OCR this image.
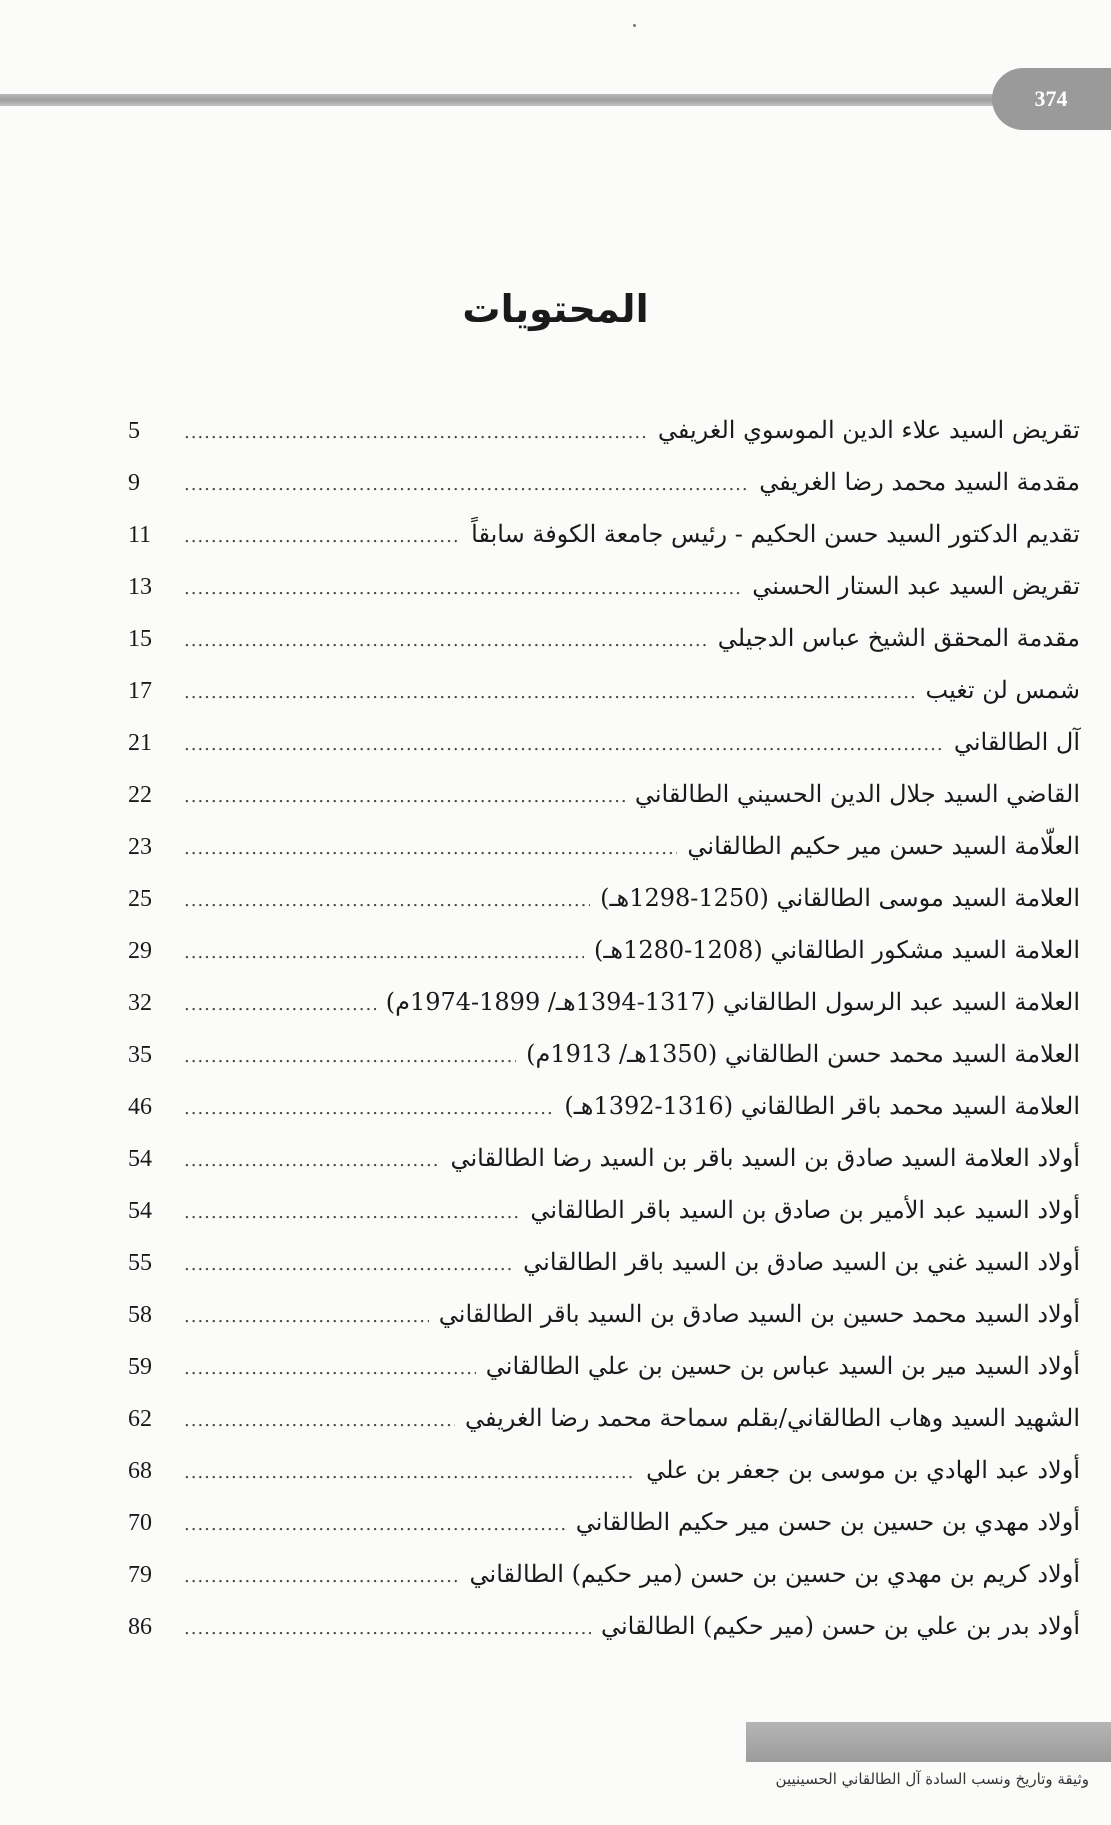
374
المحتويات
تقريض السيد علاء الدين الموسوي الغريفي
.....
5
مقدمة السيد محمد رضا الغريفي
.....
9
تقديم الدكتور السيد حسن الحكيم - رئيس جامعة الكوفة سابقاً
.....
11
تقريض السيد عبد الستار الحسني
.....
13
مقدمة المحقق الشيخ عباس الدجيلي
.....
15
شمس لن تغيب
.....
17
آل الطالقاني
.....
21
القاضي السيد جلال الدين الحسيني الطالقاني
.....
22
العلّامة السيد حسن مير حكيم الطالقاني
.....
23
العلامة السيد موسى الطالقاني (1250-1298هـ)
.....
25
العلامة السيد مشكور الطالقاني (1208-1280هـ)
.....
29
العلامة السيد عبد الرسول الطالقاني (1317-1394هـ/ 1899-1974م)
.....
32
العلامة السيد محمد حسن الطالقاني (1350هـ/ 1913م)
.....
35
العلامة السيد محمد باقر الطالقاني (1316-1392هـ)
.....
46
أولاد العلامة السيد صادق بن السيد باقر بن السيد رضا الطالقاني
.....
54
أولاد السيد عبد الأمير بن صادق بن السيد باقر الطالقاني
.....
54
أولاد السيد غني بن السيد صادق بن السيد باقر الطالقاني
.....
55
أولاد السيد محمد حسين بن السيد صادق بن السيد باقر الطالقاني
.....
58
أولاد السيد مير بن السيد عباس بن حسين بن علي الطالقاني
.....
59
الشهيد السيد وهاب الطالقاني/بقلم سماحة محمد رضا الغريفي
.....
62
أولاد عبد الهادي بن موسى بن جعفر بن علي
.....
68
أولاد مهدي بن حسين بن حسن مير حكيم الطالقاني
.....
70
أولاد كريم بن مهدي بن حسين بن حسن (مير حكيم) الطالقاني
.....
79
أولاد بدر بن علي بن حسن (مير حكيم) الطالقاني
.....
86
وثيقة وتاريخ ونسب السادة آل الطالقاني الحسينيين
